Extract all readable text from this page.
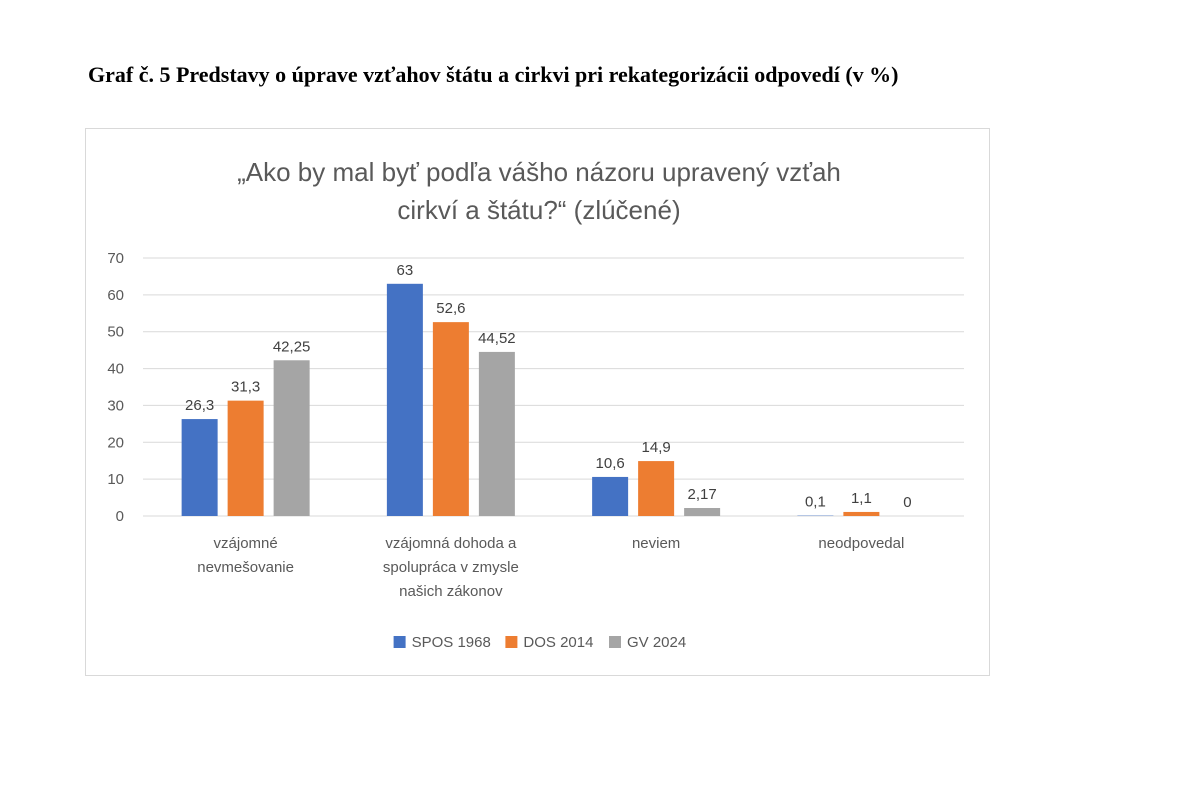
Graf č. 5 Predstavy o úprave vzťahov štátu a cirkvi pri rekategorizácii odpovedí (v %)
„Ako by mal byť podľa vášho názoru upravený vzťah
cirkví a štátu?“ (zlúčené)
0
10
20
30
40
50
60
70
26,3
63
10,6
0,1
31,3
52,6
14,9
1,1
42,25	44,52
2,17	0
vzájomné
nevmešovanie
vzájomná dohoda a
spolupráca v zmysle
našich zákonov
neviem	neodpovedal
SPOS 1968 DOS 2014 GV 2024
